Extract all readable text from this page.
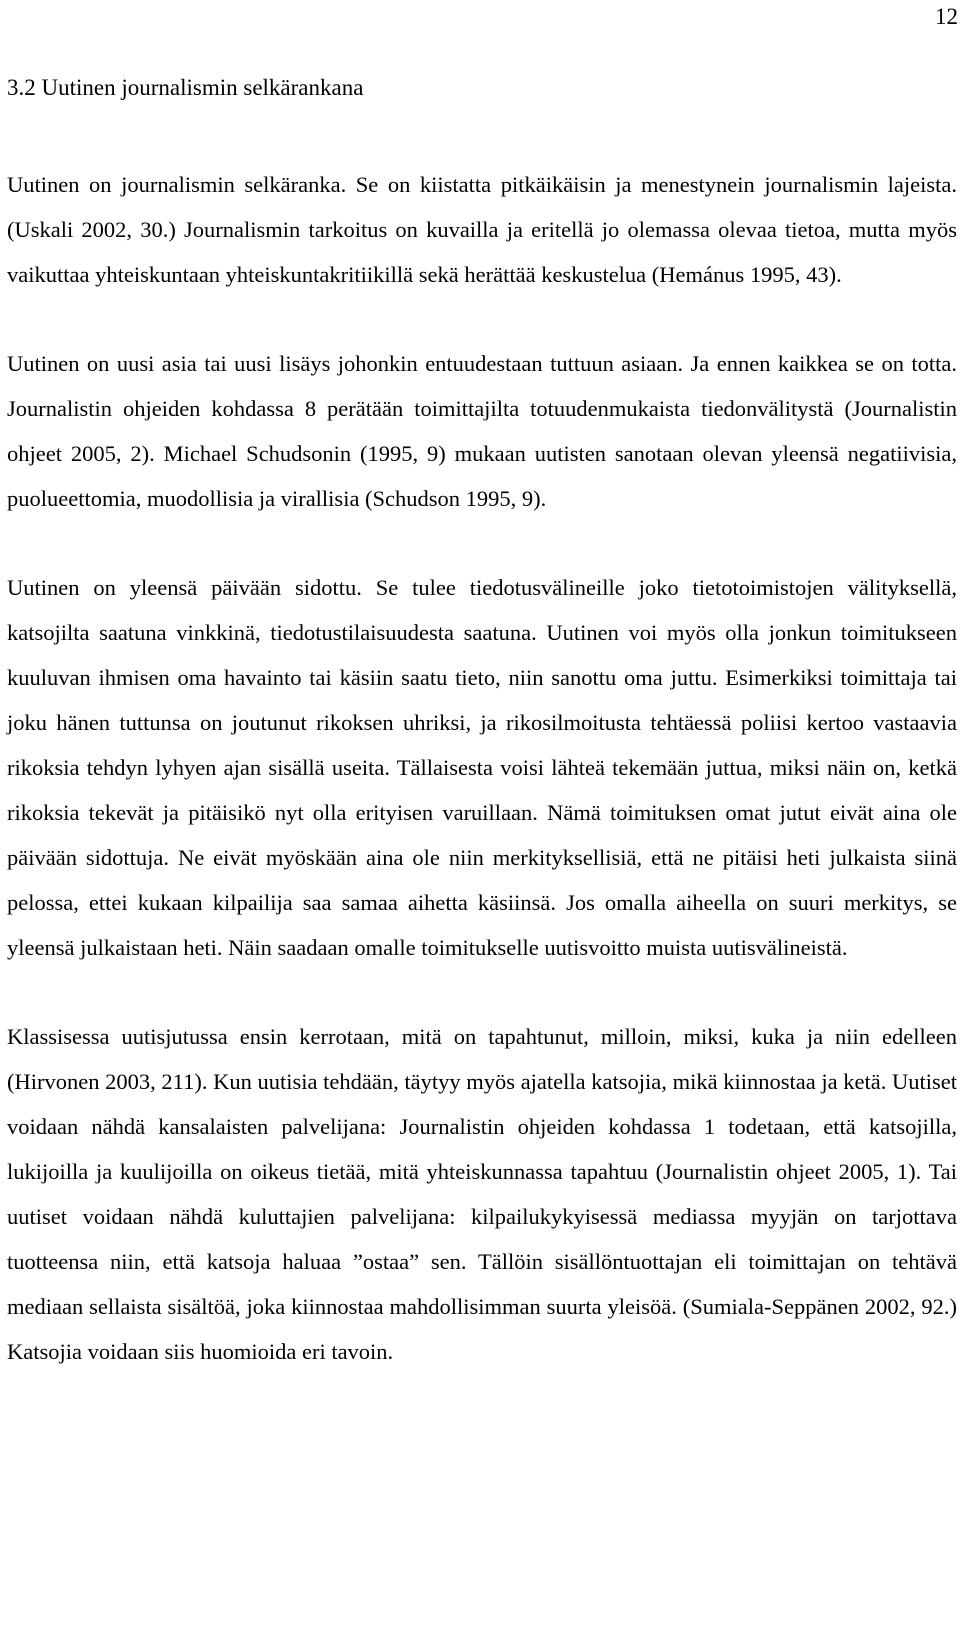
12
3.2 Uutinen journalismin selkärankana

Uutinen on journalismin selkäranka. Se on kiistatta pitkäikäisin ja menestynein journalismin lajeista. (Uskali 2002, 30.) Journalismin tarkoitus on kuvailla ja eritellä jo olemassa olevaa tietoa, mutta myös vaikuttaa yhteiskuntaan yhteiskuntakritiikillä sekä herättää keskustelua (Hemánus 1995, 43).

Uutinen on uusi asia tai uusi lisäys johonkin entuudestaan tuttuun asiaan. Ja ennen kaikkea se on totta. Journalistin ohjeiden kohdassa 8 perätään toimittajilta totuudenmukaista tiedonvälitystä (Journalistin ohjeet 2005, 2). Michael Schudsonin (1995, 9) mukaan uutisten sanotaan olevan yleensä negatiivisia, puolueettomia, muodollisia ja virallisia (Schudson 1995, 9).

Uutinen on yleensä päivään sidottu. Se tulee tiedotusvälineille joko tietotoimistojen välityksellä, katsojilta saatuna vinkkinä, tiedotustilaisuudesta saatuna. Uutinen voi myös olla jonkun toimitukseen kuuluvan ihmisen oma havainto tai käsiin saatu tieto, niin sanottu oma juttu. Esimerkiksi toimittaja tai joku hänen tuttunsa on joutunut rikoksen uhriksi, ja rikosilmoitusta tehtäessä poliisi kertoo vastaavia rikoksia tehdyn lyhyen ajan sisällä useita. Tällaisesta voisi lähteä tekemään juttua, miksi näin on, ketkä rikoksia tekevät ja pitäisikö nyt olla erityisen varuillaan. Nämä toimituksen omat jutut eivät aina ole päivään sidottuja. Ne eivät myöskään aina ole niin merkityksellisiä, että ne pitäisi heti julkaista siinä pelossa, ettei kukaan kilpailija saa samaa aihetta käsiinsä. Jos omalla aiheella on suuri merkitys, se yleensä julkaistaan heti. Näin saadaan omalle toimitukselle uutisvoitto muista uutisvälineistä.

Klassisessa uutisjutussa ensin kerrotaan, mitä on tapahtunut, milloin, miksi, kuka ja niin edelleen (Hirvonen 2003, 211). Kun uutisia tehdään, täytyy myös ajatella katsojia, mikä kiinnostaa ja ketä. Uutiset voidaan nähdä kansalaisten palvelijana: Journalistin ohjeiden kohdassa 1 todetaan, että katsojilla, lukijoilla ja kuulijoilla on oikeus tietää, mitä yhteiskunnassa tapahtuu (Journalistin ohjeet 2005, 1). Tai uutiset voidaan nähdä kuluttajien palvelijana: kilpailukykyisessä mediassa myyjän on tarjottava tuotteensa niin, että katsoja haluaa ”ostaa” sen. Tällöin sisällöntuottajan eli toimittajan on tehtävä mediaan sellaista sisältöä, joka kiinnostaa mahdollisimman suurta yleisöä. (Sumiala-Seppänen 2002, 92.) Katsojia voidaan siis huomioida eri tavoin.
